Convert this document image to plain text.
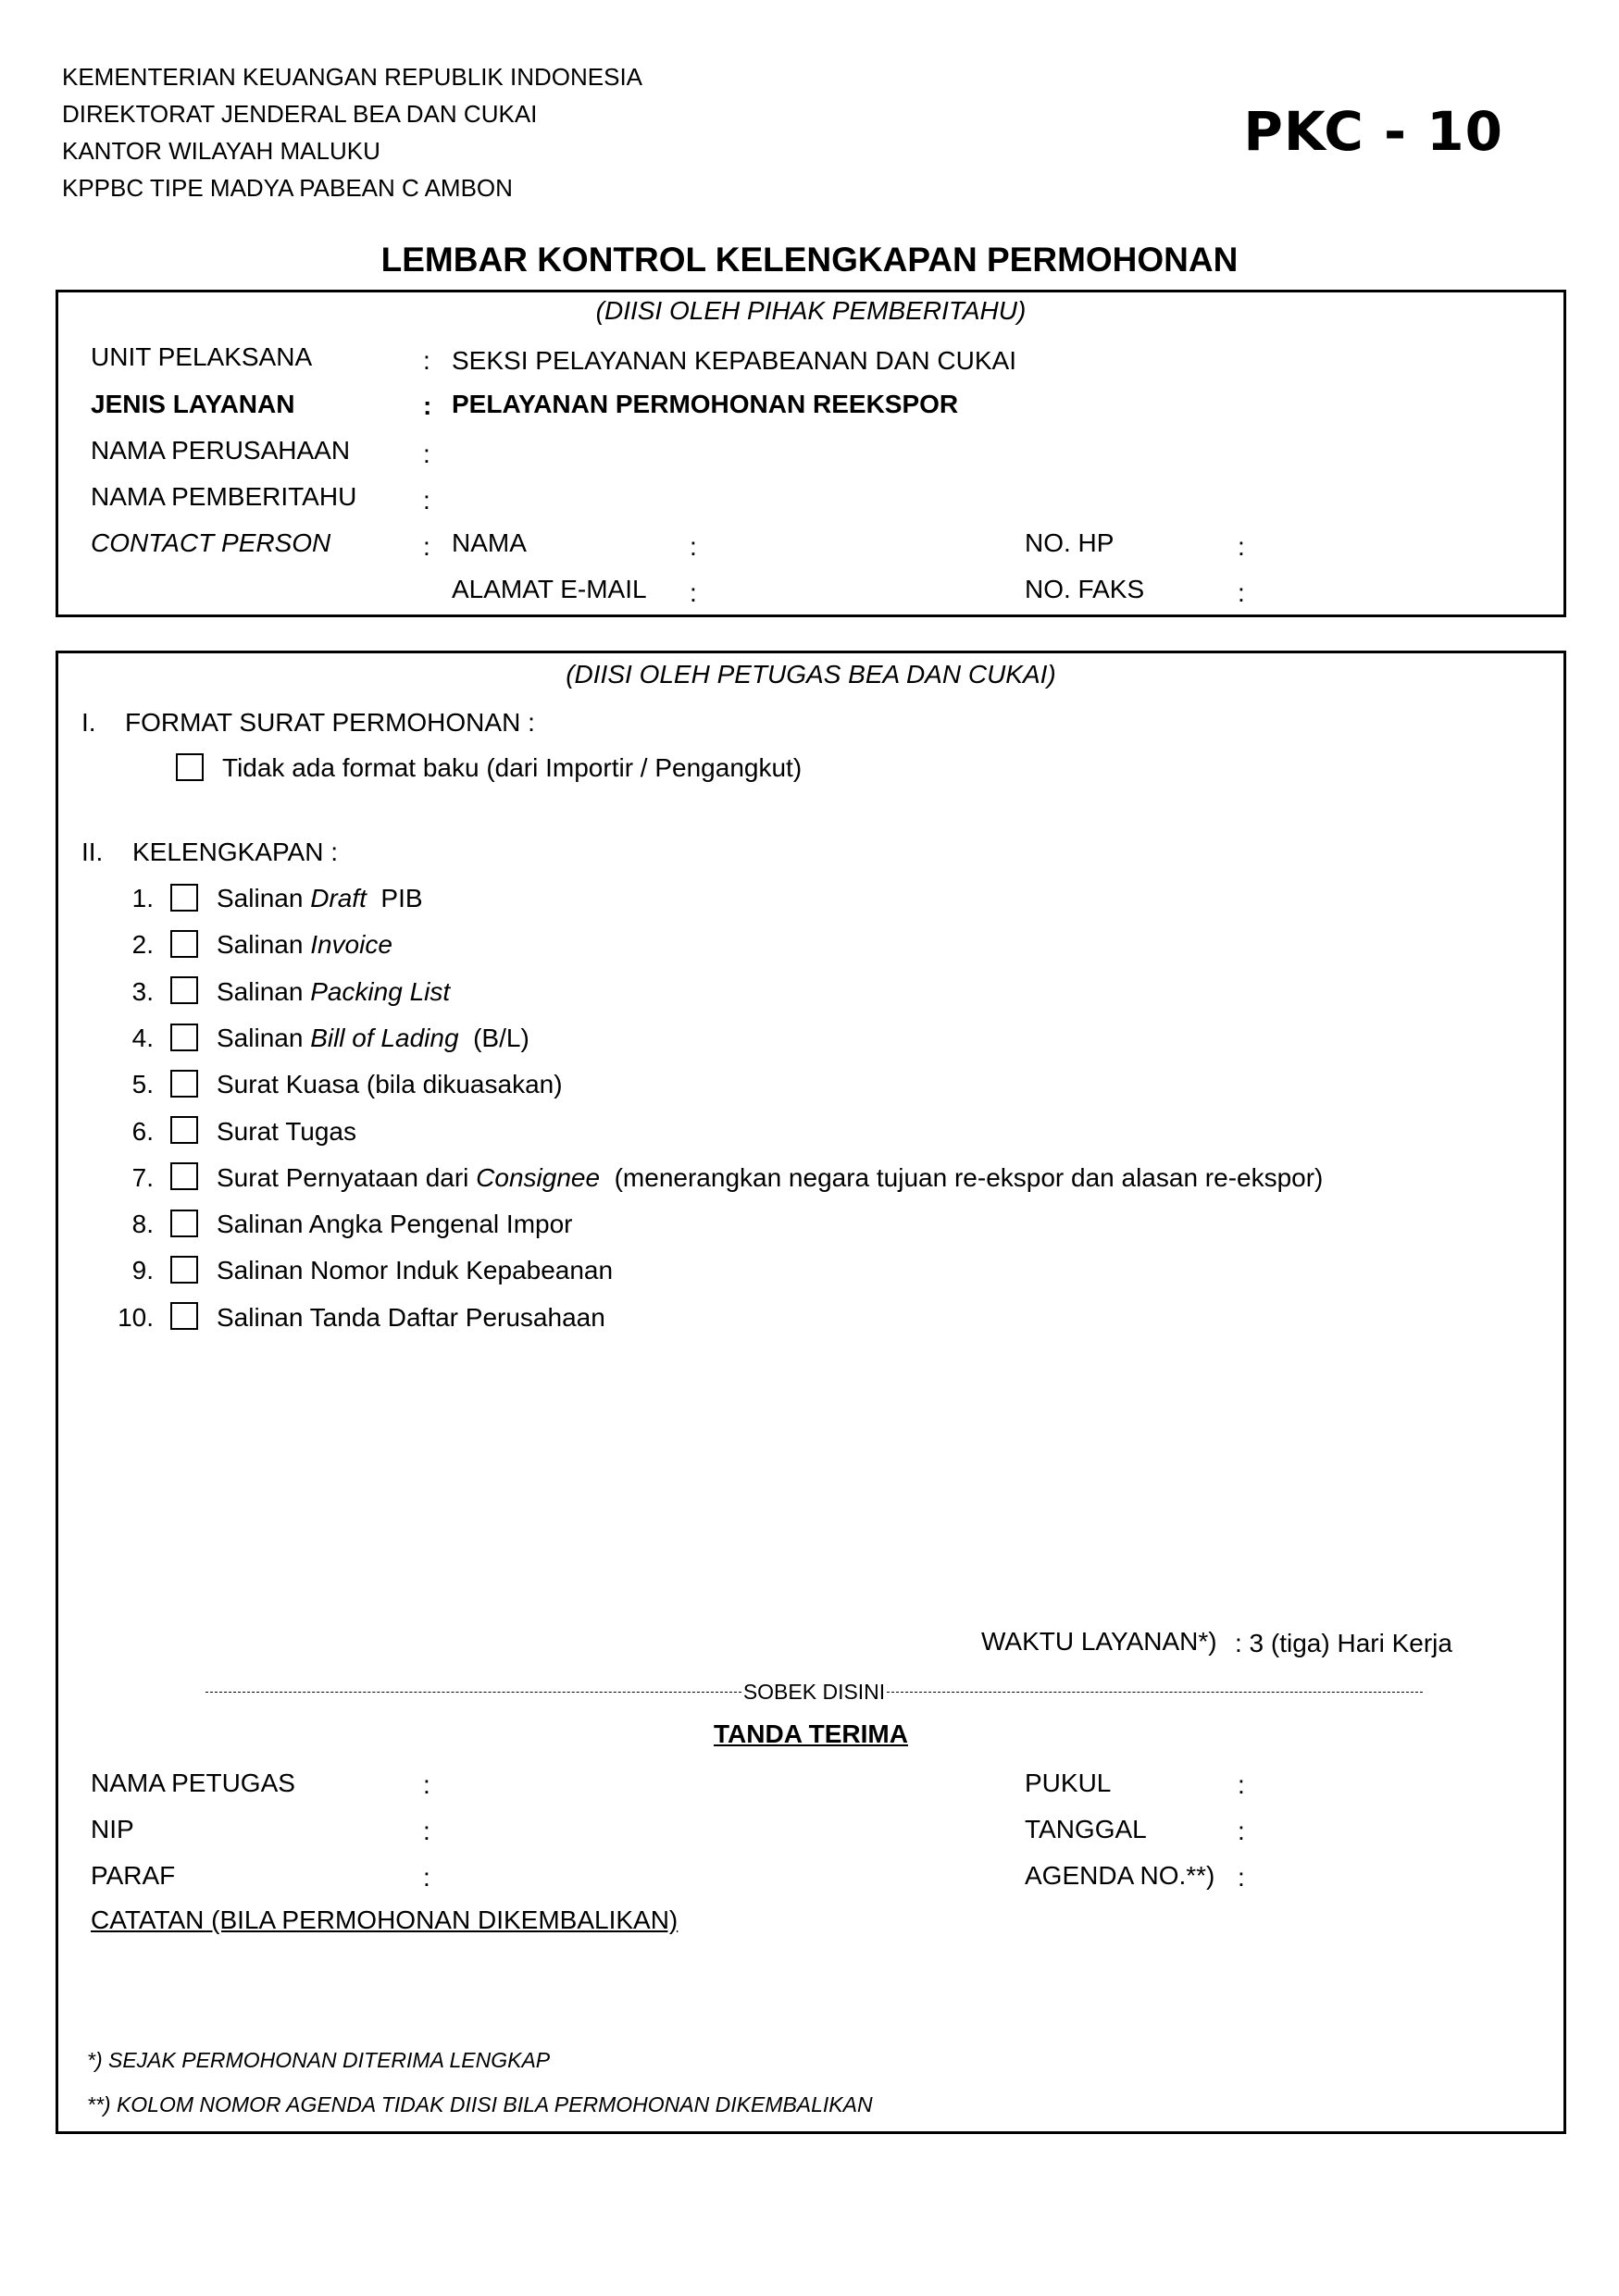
KEMENTERIAN KEUANGAN REPUBLIK INDONESIA
DIREKTORAT JENDERAL BEA DAN CUKAI
KANTOR WILAYAH MALUKU
KPPBC TIPE MADYA PABEAN C AMBON
PKC - 10
LEMBAR KONTROL KELENGKAPAN PERMOHONAN
(DIISI OLEH PIHAK PEMBERITAHU)
UNIT PELAKSANA	: SEKSI PELAYANAN KEPABEANAN DAN CUKAI
JENIS LAYANAN	: PELAYANAN PERMOHONAN REEKSPOR
NAMA PERUSAHAAN	:
NAMA PEMBERITAHU	:
CONTACT PERSON	: NAMA	:	NO. HP	:
ALAMAT E-MAIL :	NO. FAKS	:
(DIISI OLEH PETUGAS BEA DAN CUKAI)
I. FORMAT SURAT PERMOHONAN :
Tidak ada format baku (dari Importir / Pengangkut)
II. KELENGKAPAN :
1. Salinan Draft  PIB
2. Salinan Invoice
3. Salinan Packing List
4. Salinan Bill of Lading  (B/L)
5. Surat Kuasa (bila dikuasakan)
6. Surat Tugas
7. Surat Pernyataan dari Consignee  (menerangkan negara tujuan re-ekspor dan alasan re-ekspor)
8. Salinan Angka Pengenal Impor
9. Salinan Nomor Induk Kepabeanan
10. Salinan Tanda Daftar Perusahaan
WAKTU LAYANAN*) : 3 (tiga) Hari Kerja
SOBEK DISINI
TANDA TERIMA
NAMA PETUGAS	:	PUKUL	:
NIP	:	TANGGAL	:
PARAF	:	AGENDA NO.**) :
CATATAN (BILA PERMOHONAN DIKEMBALIKAN)
*) SEJAK PERMOHONAN DITERIMA LENGKAP
**) KOLOM NOMOR AGENDA TIDAK DIISI BILA PERMOHONAN DIKEMBALIKAN
